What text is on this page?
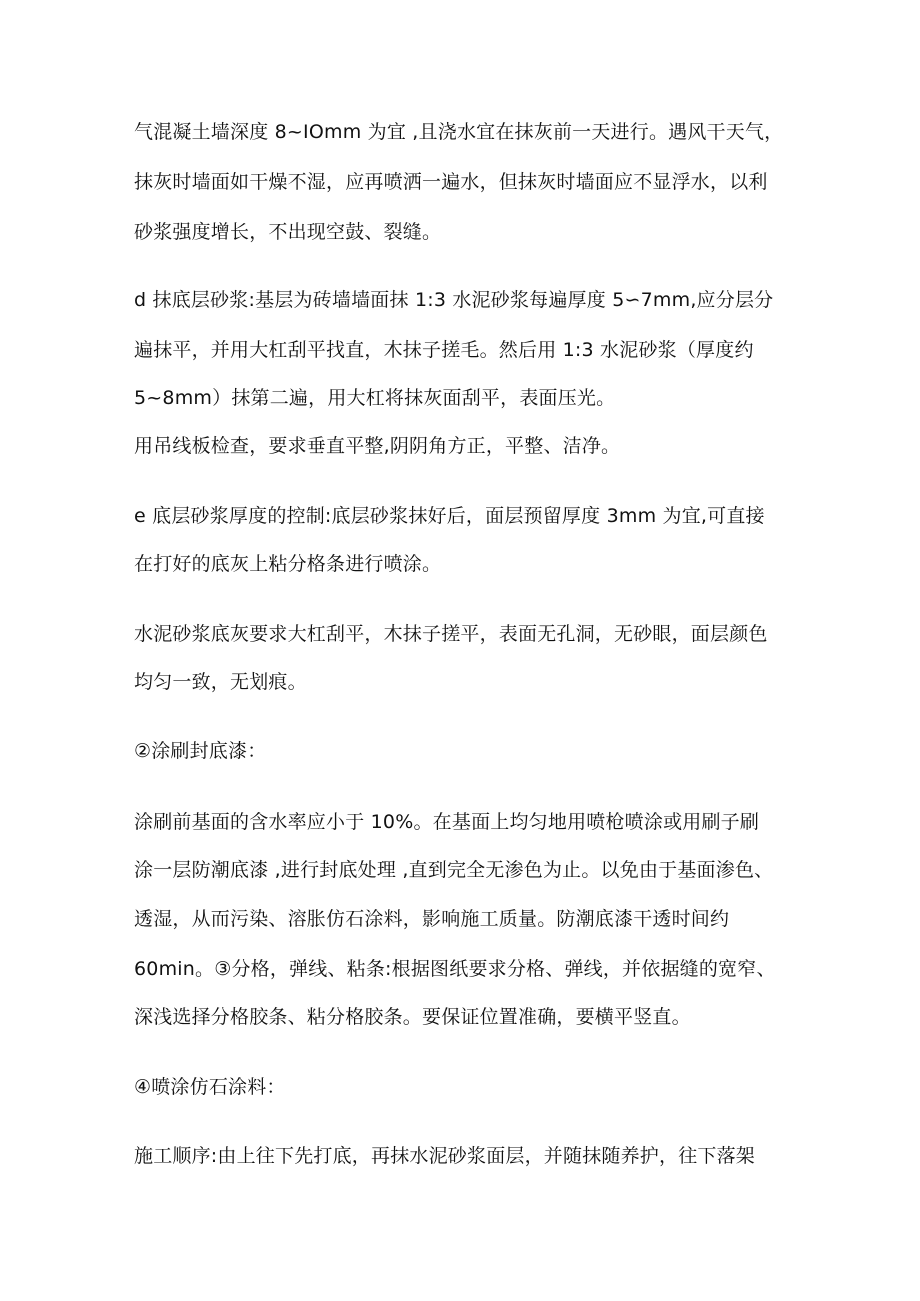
气混凝土墙深度 8~IOmm 为宜 ,且浇水宜在抹灰前一天进行。遇风干天气，
抹灰时墙面如干燥不湿，应再喷洒一遍水，但抹灰时墙面应不显浮水，以利
砂浆强度增长，不出现空鼓、裂缝。
d 抹底层砂浆:基层为砖墙墙面抹 1:3 水泥砂浆每遍厚度 5∽7mm,应分层分
遍抹平，并用大杠刮平找直，木抹子搓毛。然后用 1:3 水泥砂浆（厚度约
5~8mm）抹第二遍，用大杠将抹灰面刮平，表面压光。
用吊线板检查，要求垂直平整,阴阴角方正，平整、洁净。
e 底层砂浆厚度的控制:底层砂浆抹好后，面层预留厚度 3mm 为宜,可直接
在打好的底灰上粘分格条进行喷涂。
水泥砂浆底灰要求大杠刮平，木抹子搓平，表面无孔洞，无砂眼，面层颜色
均匀一致，无划痕。
②涂刷封底漆：
涂刷前基面的含水率应小于 10%。在基面上均匀地用喷枪喷涂或用刷子刷
涂一层防潮底漆 ,进行封底处理 ,直到完全无渗色为止。以免由于基面渗色、
透湿，从而污染、溶胀仿石涂料，影响施工质量。防潮底漆干透时间约
60min。③分格，弹线、粘条:根据图纸要求分格、弹线，并依据缝的宽窄、
深浅选择分格胶条、粘分格胶条。要保证位置准确，要横平竖直。
④喷涂仿石涂料：
施工顺序:由上往下先打底，再抹水泥砂浆面层，并随抹随养护，往下落架
